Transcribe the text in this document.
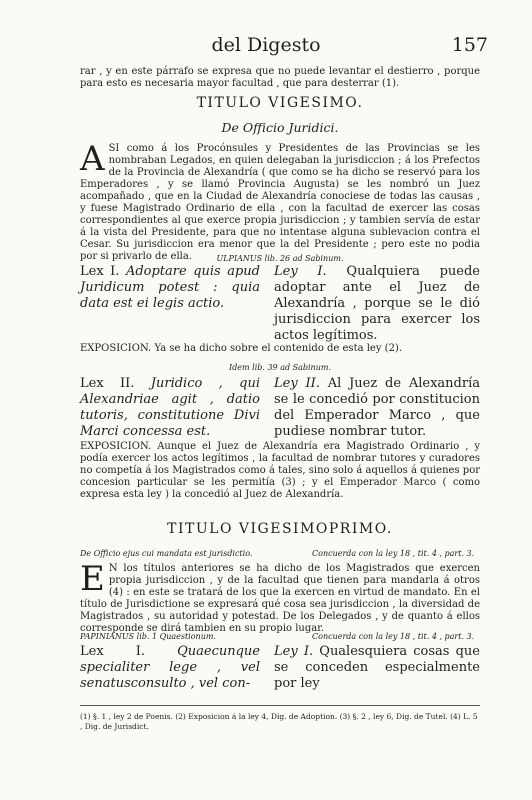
del Digesto	157
rar , y en este párrafo se expresa que no puede levantar el destierro , porque para esto es necesaria mayor facultad , que para desterrar (1).
TITULO VIGESIMO.
De Officio Juridici.
ASI como á los Procónsules y Presidentes de las Provincias se les nombraban Legados, en quien delegaban la jurisdiccion ; á los Prefectos de la Provincia de Alexandría ( que como se ha dicho se reservó para los Emperadores , y se llamó Provincia Augusta) se les nombró un Juez acompañado , que en la Ciudad de Alexandría conociese de todas las causas , y fuese Magistrado Ordinario de ella , con la facultad de exercer las cosas correspondientes al que exerce propia jurisdiccion ; y tambien servía de estar á la vista del Presidente, para que no intentase alguna sublevacion contra el Cesar. Su jurisdiccion era menor que la del Presidente ; pero este no podia por si privarlo de ella.	ULPIANUS lib. 26 ad Sabinum.
Lex I. Adoptare quis apud Juridicum potest : quia data est ei legis actio.
Ley I. Qualquiera puede adoptar ante el Juez de Alexandría , porque se le dió jurisdiccion para exercer los actos legítimos.
EXPOSICION. Ya se ha dicho sobre el contenido de esta ley (2).
Idem lib. 39 ad Sabinum.
Lex II. Juridico , qui Alexandriae agit , datio tutoris, constitutione Divi Marci concessa est.
Ley II. Al Juez de Alexandría se le concedió por constitucion del Emperador Marco , que pudiese nombrar tutor.
EXPOSICION. Aunque el Juez de Alexandría era Magistrado Ordinario , y podía exercer los actos legítimos , la facultad de nombrar tutores y curadores no competía á los Magistrados como á tales, sino solo á aquellos á quienes por concesion particular se les permitía (3) ; y el Emperador Marco ( como expresa esta ley ) la concedió al Juez de Alexandría.
TITULO VIGESIMOPRIMO.
De Officio ejus cui mandata est jurisdictio.	Concuerda con la ley 18 , tit. 4 , part. 3.
E N los títulos anteriores se ha dicho de los Magistrados que exercen propia jurisdiccion , y de la facultad que tienen para mandarla á otros (4) : en este se tratará de los que la exercen en virtud de mandato. En el título de Jurisdictione se expresará qué cosa sea jurisdiccion , la diversidad de Magistrados , su autoridad y potestad. De los Delegados , y de quanto á ellos corresponde se dirá tambien en su propio lugar.
PAPINIANUS lib. 1 Quaestionum.	Concuerda con la ley 18 , tit. 4 , part. 3.
Lex I. Quaecunque specialiter lege , vel senatusconsulto , vel con-
Ley I. Qualesquiera cosas que se conceden especialmente por ley
(1) §. 1 , ley 2 de Poenis. (2) Exposicion á la ley 4, Dig. de Adoption. (3) §. 2 , ley 6, Dig. de Tutel. (4) L. 5 , Dig. de Jurisdict.
